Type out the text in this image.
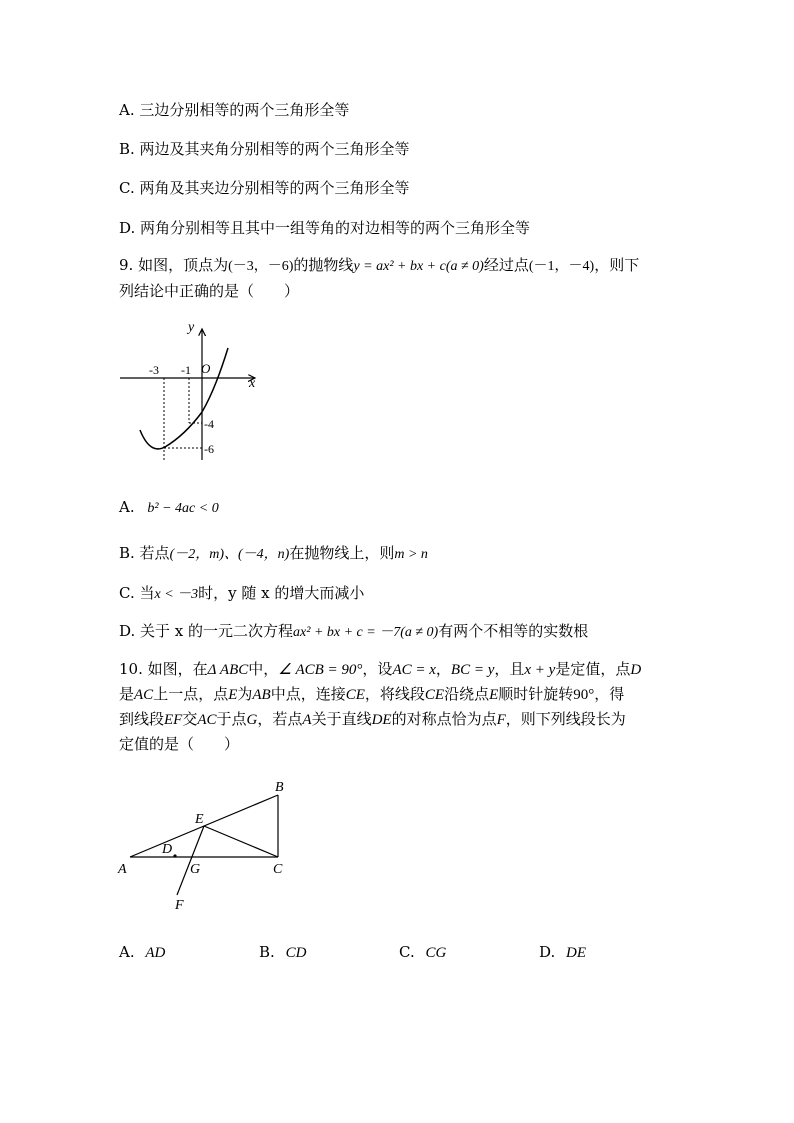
A. 三边分别相等的两个三角形全等
B. 两边及其夹角分别相等的两个三角形全等
C. 两角及其夹边分别相等的两个三角形全等
D. 两角分别相等且其中一组等角的对边相等的两个三角形全等
9. 如图，顶点为(－3，－6)的抛物线y = ax² + bx + c(a ≠ 0)经过点(－1，－4)，则下
列结论中正确的是（　　）
y
x
O
-3 -1
-4
-6
A. b² − 4ac < 0
B. 若点(－2，m)、(－4，n)在抛物线上，则m > n
C. 当x < －3时，y 随 x 的增大而减小
D. 关于 x 的一元二次方程ax² + bx + c = －7(a ≠ 0)有两个不相等的实数根
10. 如图，在Δ ABC中，∠ ACB = 90°，设AC = x，BC = y，且x + y是定值，点D
是AC上一点，点E为AB中点，连接CE，将线段CE沿绕点E顺时针旋转90°，得
到线段EF交AC于点G，若点A关于直线DE的对称点恰为点F，则下列线段长为
定值的是（　　）
A
B
C
D
E
F
G
A. AD	B. CD	C. CG	D. DE
